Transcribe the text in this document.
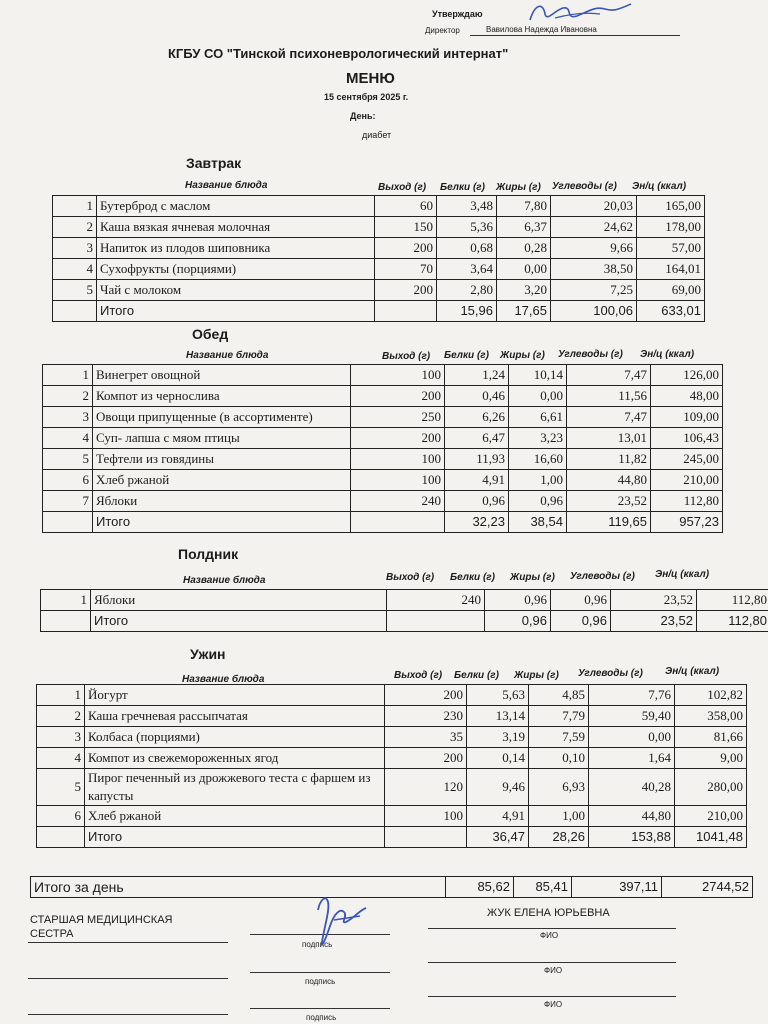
Утверждаю
Директор	Вавилова Надежда Ивановна
КГБУ СО "Тинской психоневрологический интернат"
МЕНЮ
15 сентября 2025 г.
День:
диабет
Завтрак
Название блюда	Выход (г) Белки (г) Жиры (г) Углеводы (г) Эн/ц (ккал)
1	Бутерброд с маслом	60	3,48	7,80	20,03	165,00
2	Каша вязкая ячневая молочная	150	5,36	6,37	24,62	178,00
3	Напиток из плодов шиповника	200	0,68	0,28	9,66	57,00
4	Сухофрукты (порциями)	70	3,64	0,00	38,50	164,01
5	Чай с молоком	200	2,80	3,20	7,25	69,00
	Итого		15,96	17,65	100,06	633,01
Обед
Название блюда	Выход (г) Белки (г) Жиры (г) Углеводы (г) Эн/ц (ккал)
1	Винегрет овощной	100	1,24	10,14	7,47	126,00
2	Компот из чернослива	200	0,46	0,00	11,56	48,00
3	Овощи припущенные (в ассортименте)	250	6,26	6,61	7,47	109,00
4	Суп- лапша с мяом птицы	200	6,47	3,23	13,01	106,43
5	Тефтели из говядины	100	11,93	16,60	11,82	245,00
6	Хлеб ржаной	100	4,91	1,00	44,80	210,00
7	Яблоки	240	0,96	0,96	23,52	112,80
	Итого		32,23	38,54	119,65	957,23
Полдник
Название блюда	Выход (г) Белки (г) Жиры (г) Углеводы (г) Эн/ц (ккал)
1	Яблоки	240	0,96	0,96	23,52	112,80
	Итого		0,96	0,96	23,52	112,80
Ужин
Название блюда	Выход (г) Белки (г) Жиры (г) Углеводы (г) Эн/ц (ккал)
1	Йогурт	200	5,63	4,85	7,76	102,82
2	Каша гречневая рассыпчатая	230	13,14	7,79	59,40	358,00
3	Колбаса (порциями)	35	3,19	7,59	0,00	81,66
4	Компот из свежемороженных ягод	200	0,14	0,10	1,64	9,00
5	Пирог печенный из дрожжевого теста с фаршем из капусты	120	9,46	6,93	40,28	280,00
6	Хлеб ржаной	100	4,91	1,00	44,80	210,00
	Итого		36,47	28,26	153,88	1041,48
Итого за день	85,62	85,41	397,11	2744,52
СТАРШАЯ МЕДИЦИНСКАЯ СЕСТРА
подпись
ЖУК ЕЛЕНА ЮРЬЕВНА
ФИО
подпись
ФИО
подпись
ФИО
